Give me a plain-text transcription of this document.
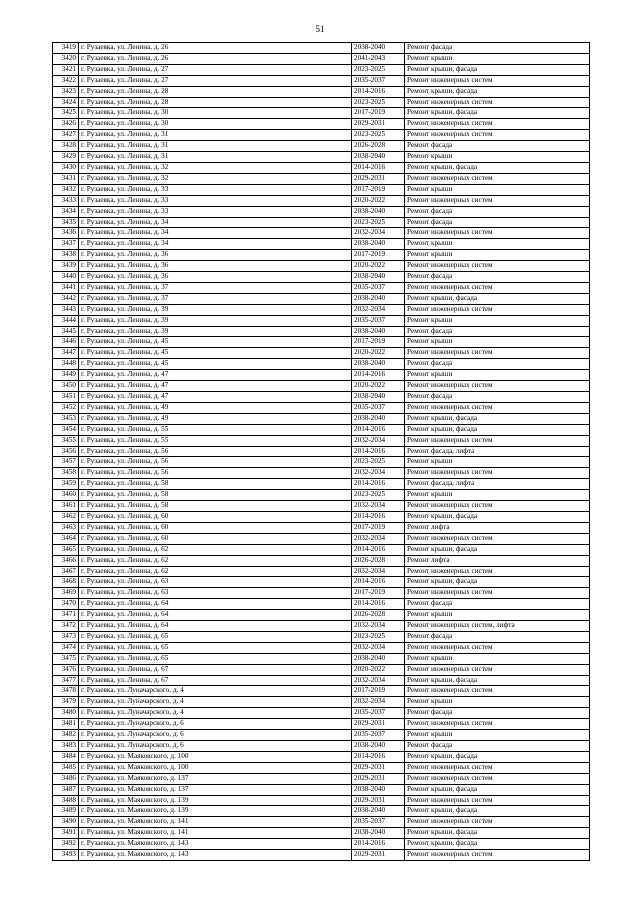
51
3419	г. Рузаевка, ул. Ленина, д. 26	2038-2040	Ремонт фасада
3420	г. Рузаевка, ул. Ленина, д. 26	2041-2043	Ремонт крыши
3421	г. Рузаевка, ул. Ленина, д. 27	2023-2025	Ремонт крыши, фасада
3422	г. Рузаевка, ул. Ленина, д. 27	2035-2037	Ремонт инженерных систем
3423	г. Рузаевка, ул. Ленина, д. 28	2014-2016	Ремонт крыши, фасада
3424	г. Рузаевка, ул. Ленина, д. 28	2023-2025	Ремонт инженерных систем
3425	г. Рузаевка, ул. Ленина, д. 30	2017-2019	Ремонт крыши, фасада
3426	г. Рузаевка, ул. Ленина, д. 30	2029-2031	Ремонт инженерных систем
3427	г. Рузаевка, ул. Ленина, д. 31	2023-2025	Ремонт инженерных систем
3428	г. Рузаевка, ул. Ленина, д. 31	2026-2028	Ремонт фасада
3429	г. Рузаевка, ул. Ленина, д. 31	2038-2040	Ремонт крыши
3430	г. Рузаевка, ул. Ленина, д. 32	2014-2016	Ремонт крыши, фасада
3431	г. Рузаевка, ул. Ленина, д. 32	2029-2031	Ремонт инженерных систем
3432	г. Рузаевка, ул. Ленина, д. 33	2017-2019	Ремонт крыши
3433	г. Рузаевка, ул. Ленина, д. 33	2020-2022	Ремонт инженерных систем
3434	г. Рузаевка, ул. Ленина, д. 33	2038-2040	Ремонт фасада
3435	г. Рузаевка, ул. Ленина, д. 34	2023-2025	Ремонт фасада
3436	г. Рузаевка, ул. Ленина, д. 34	2032-2034	Ремонт инженерных систем
3437	г. Рузаевка, ул. Ленина, д. 34	2038-2040	Ремонт крыши
3438	г. Рузаевка, ул. Ленина, д. 36	2017-2019	Ремонт крыши
3439	г. Рузаевка, ул. Ленина, д. 36	2020-2022	Ремонт инженерных систем
3440	г. Рузаевка, ул. Ленина, д. 36	2038-2040	Ремонт фасада
3441	г. Рузаевка, ул. Ленина, д. 37	2035-2037	Ремонт инженерных систем
3442	г. Рузаевка, ул. Ленина, д. 37	2038-2040	Ремонт крыши, фасада
3443	г. Рузаевка, ул. Ленина, д. 39	2032-2034	Ремонт инженерных систем
3444	г. Рузаевка, ул. Ленина, д. 39	2035-2037	Ремонт крыши
3445	г. Рузаевка, ул. Ленина, д. 39	2038-2040	Ремонт фасада
3446	г. Рузаевка, ул. Ленина, д. 45	2017-2019	Ремонт крыши
3447	г. Рузаевка, ул. Ленина, д. 45	2020-2022	Ремонт инженерных систем
3448	г. Рузаевка, ул. Ленина, д. 45	2038-2040	Ремонт фасада
3449	г. Рузаевка, ул. Ленина, д. 47	2014-2016	Ремонт крыши
3450	г. Рузаевка, ул. Ленина, д. 47	2020-2022	Ремонт инженерных систем
3451	г. Рузаевка, ул. Ленина, д. 47	2038-2040	Ремонт фасада
3452	г. Рузаевка, ул. Ленина, д. 49	2035-2037	Ремонт инженерных систем
3453	г. Рузаевка, ул. Ленина, д. 49	2038-2040	Ремонт крыши, фасада
3454	г. Рузаевка, ул. Ленина, д. 55	2014-2016	Ремонт крыши, фасада
3455	г. Рузаевка, ул. Ленина, д. 55	2032-2034	Ремонт инженерных систем
3456	г. Рузаевка, ул. Ленина, д. 56	2014-2016	Ремонт фасада, лифта
3457	г. Рузаевка, ул. Ленина, д. 56	2023-2025	Ремонт крыши
3458	г. Рузаевка, ул. Ленина, д. 56	2032-2034	Ремонт инженерных систем
3459	г. Рузаевка, ул. Ленина, д. 58	2014-2016	Ремонт фасада, лифта
3460	г. Рузаевка, ул. Ленина, д. 58	2023-2025	Ремонт крыши
3461	г. Рузаевка, ул. Ленина, д. 58	2032-2034	Ремонт инженерных систем
3462	г. Рузаевка, ул. Ленина, д. 60	2014-2016	Ремонт крыши, фасада
3463	г. Рузаевка, ул. Ленина, д. 60	2017-2019	Ремонт лифта
3464	г. Рузаевка, ул. Ленина, д. 60	2032-2034	Ремонт инженерных систем
3465	г. Рузаевка, ул. Ленина, д. 62	2014-2016	Ремонт крыши, фасада
3466	г. Рузаевка, ул. Ленина, д. 62	2026-2028	Ремонт лифта
3467	г. Рузаевка, ул. Ленина, д. 62	2032-2034	Ремонт инженерных систем
3468	г. Рузаевка, ул. Ленина, д. 63	2014-2016	Ремонт крыши, фасада
3469	г. Рузаевка, ул. Ленина, д. 63	2017-2019	Ремонт инженерных систем
3470	г. Рузаевка, ул. Ленина, д. 64	2014-2016	Ремонт фасада
3471	г. Рузаевка, ул. Ленина, д. 64	2026-2028	Ремонт крыши
3472	г. Рузаевка, ул. Ленина, д. 64	2032-2034	Ремонт инженерных систем, лифта
3473	г. Рузаевка, ул. Ленина, д. 65	2023-2025	Ремонт фасада
3474	г. Рузаевка, ул. Ленина, д. 65	2032-2034	Ремонт инженерных систем
3475	г. Рузаевка, ул. Ленина, д. 65	2038-2040	Ремонт крыши
3476	г. Рузаевка, ул. Ленина, д. 67	2020-2022	Ремонт инженерных систем
3477	г. Рузаевка, ул. Ленина, д. 67	2032-2034	Ремонт крыши, фасада
3478	г. Рузаевка, ул. Луначарского, д. 4	2017-2019	Ремонт инженерных систем
3479	г. Рузаевка, ул. Луначарского, д. 4	2032-2034	Ремонт крыши
3480	г. Рузаевка, ул. Луначарского, д. 4	2035-2037	Ремонт фасада
3481	г. Рузаевка, ул. Луначарского, д. 6	2029-2031	Ремонт инженерных систем
3482	г. Рузаевка, ул. Луначарского, д. 6	2035-2037	Ремонт крыши
3483	г. Рузаевка, ул. Луначарского, д. 6	2038-2040	Ремонт фасада
3484	г. Рузаевка, ул. Маяковского, д. 100	2014-2016	Ремонт крыши, фасада
3485	г. Рузаевка, ул. Маяковского, д. 100	2029-2031	Ремонт инженерных систем
3486	г. Рузаевка, ул. Маяковского, д. 137	2029-2031	Ремонт инженерных систем
3487	г. Рузаевка, ул. Маяковского, д. 137	2038-2040	Ремонт крыши, фасада
3488	г. Рузаевка, ул. Маяковского, д. 139	2029-2031	Ремонт инженерных систем
3489	г. Рузаевка, ул. Маяковского, д. 139	2038-2040	Ремонт крыши, фасада
3490	г. Рузаевка, ул. Маяковского, д. 141	2035-2037	Ремонт инженерных систем
3491	г. Рузаевка, ул. Маяковского, д. 141	2038-2040	Ремонт крыши, фасада
3492	г. Рузаевка, ул. Маяковского, д. 143	2014-2016	Ремонт крыши, фасада
3493	г. Рузаевка, ул. Маяковского, д. 143	2029-2031	Ремонт инженерных систем
